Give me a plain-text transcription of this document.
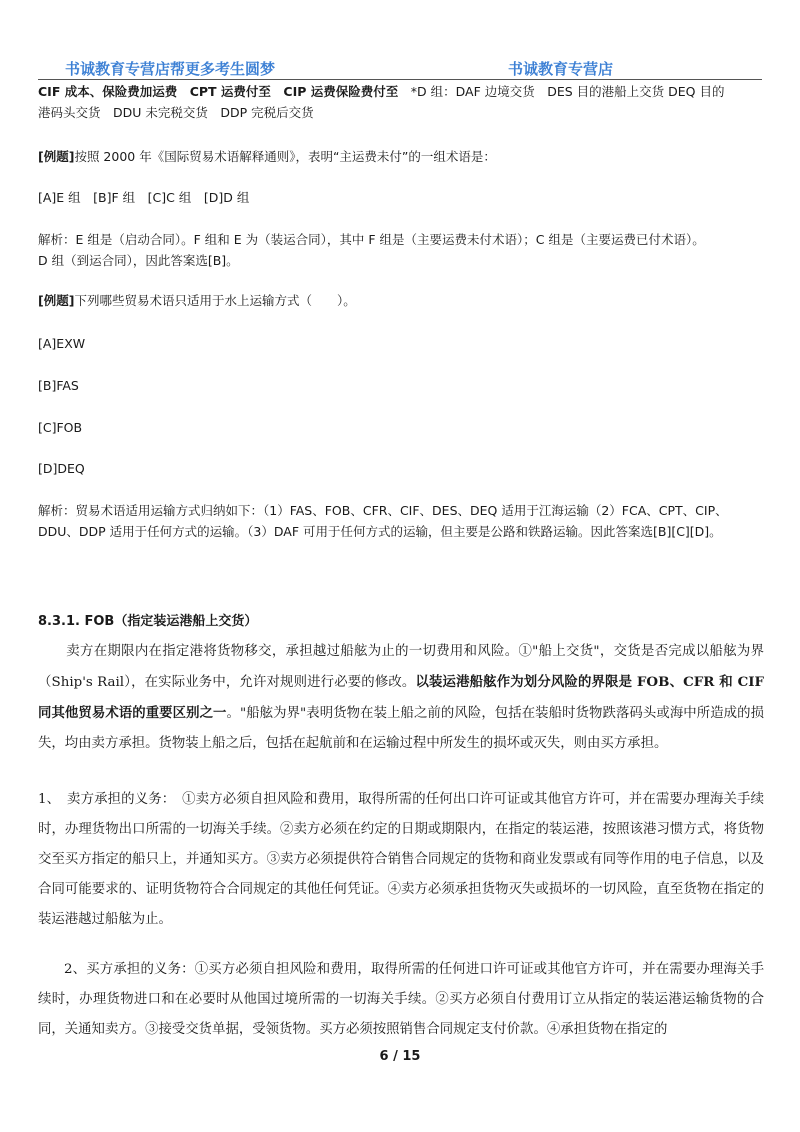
书诚教育专营店帮更多考生圆梦	书诚教育专营店
CIF 成本、保险费加运费　CPT 运费付至　CIP 运费保险费付至　*D 组：DAF 边境交货　DES 目的港船上交货 DEQ 目的
港码头交货　DDU 未完税交货　DDP 完税后交货
[例题]按照 2000 年《国际贸易术语解释通则》，表明“主运费未付”的一组术语是：
[A]E 组　[B]F 组　[C]C 组　[D]D 组
解析：E 组是（启动合同）。F 组和 E 为（装运合同），其中 F 组是（主要运费未付术语）；C 组是（主要运费已付术语）。
D 组（到运合同），因此答案选[B]。
[例题]下列哪些贸易术语只适用于水上运输方式（　　）。
[A]EXW
[B]FAS
[C]FOB
[D]DEQ
解析：贸易术语适用运输方式归纳如下：（1）FAS、FOB、CFR、CIF、DES、DEQ 适用于江海运输（2）FCA、CPT、CIP、
DDU、DDP 适用于任何方式的运输。（3）DAF 可用于任何方式的运输，但主要是公路和铁路运输。因此答案选[B][C][D]。
8.3.1. FOB（指定装运港船上交货）
卖方在期限内在指定港将货物移交，承担越过船舷为止的一切费用和风险。①"船上交货"，交货是否完成以船舷为界（Ship's Rail），在实际业务中，允许对规则进行必要的修改。以装运港船舷作为划分风险的界限是 FOB、CFR 和 CIF 同其他贸易术语的重要区别之一。"船舷为界"表明货物在装上船之前的风险，包括在装船时货物跌落码头或海中所造成的损失，均由卖方承担。货物装上船之后，包括在起航前和在运输过程中所发生的损坏或灭失，则由买方承担。
1、　卖方承担的义务：　①卖方必须自担风险和费用，取得所需的任何出口许可证或其他官方许可，并在需要办理海关手续时，办理货物出口所需的一切海关手续。②卖方必须在约定的日期或期限内，在指定的装运港，按照该港习惯方式，将货物交至买方指定的船只上，并通知买方。③卖方必须提供符合销售合同规定的货物和商业发票或有同等作用的电子信息，以及合同可能要求的、证明货物符合合同规定的其他任何凭证。④卖方必须承担货物灭失或损坏的一切风险，直至货物在指定的装运港越过船舷为止。
2、买方承担的义务：①买方必须自担风险和费用，取得所需的任何进口许可证或其他官方许可，并在需要办理海关手续时，办理货物进口和在必要时从他国过境所需的一切海关手续。②买方必须自付费用订立从指定的装运港运输货物的合同，关通知卖方。③接受交货单据，受领货物。买方必须按照销售合同规定支付价款。④承担货物在指定的
6 / 15
